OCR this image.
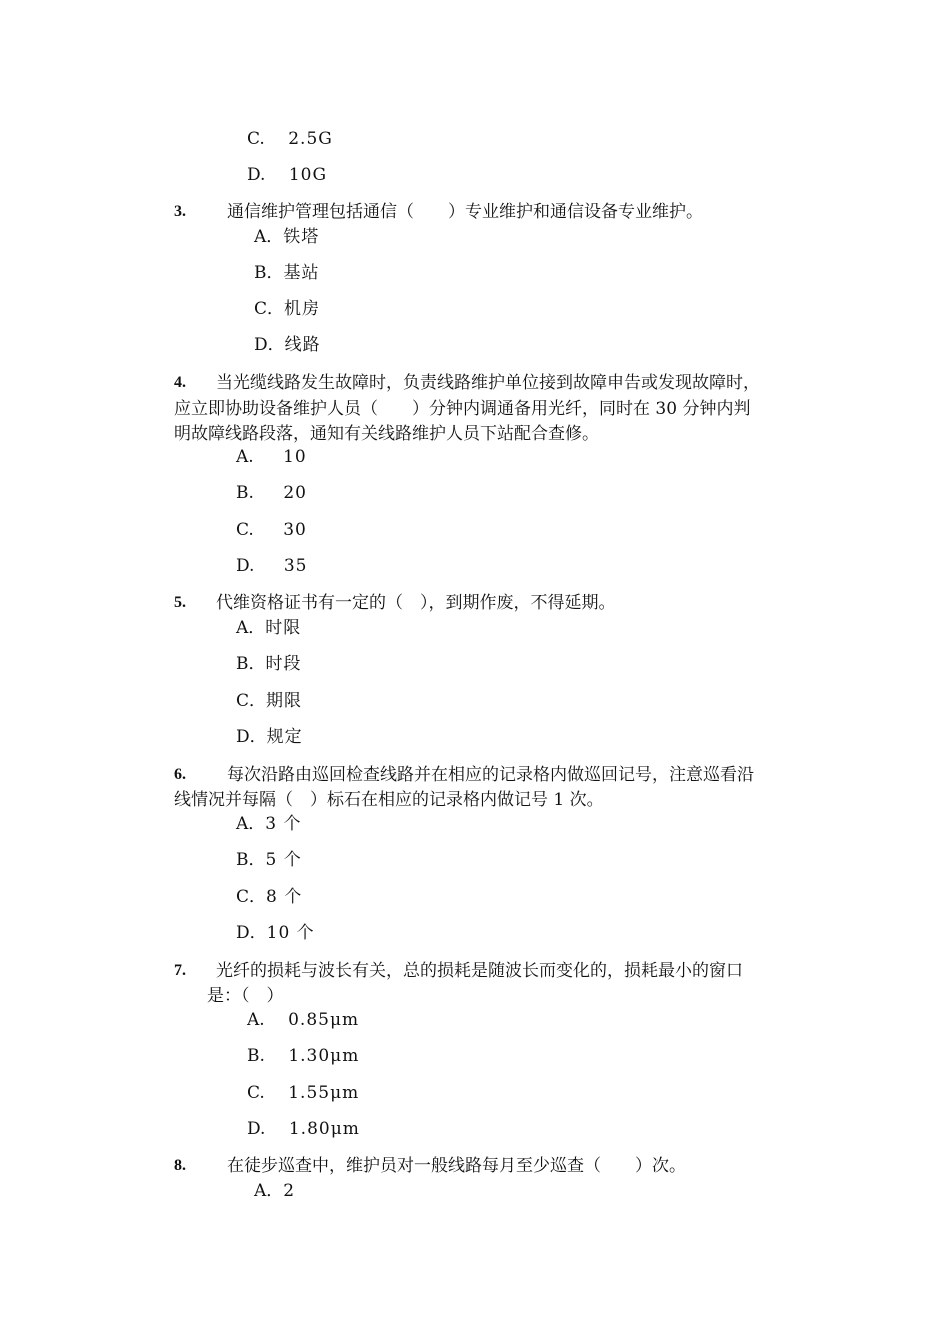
C. 2.5G
D. 10G
3. 通信维护管理包括通信（　　）专业维护和通信设备专业维护。
A．铁塔
B．基站
C．机房
D．线路
4. 当光缆线路发生故障时，负责线路维护单位接到故障申告或发现故障时，
应立即协助设备维护人员（　　）分钟内调通备用光纤，同时在 30 分钟内判
明故障线路段落，通知有关线路维护人员下站配合查修。
A. 10
B. 20
C. 30
D. 35
5. 代维资格证书有一定的（　），到期作废，不得延期。
A．时限
B．时段
C．期限
D．规定
6. 每次沿路由巡回检查线路并在相应的记录格内做巡回记号，注意巡看沿
线情况并每隔（　）标石在相应的记录格内做记号 1 次。
A．3 个
B．5 个
C．8 个
D．10 个
7. 光纤的损耗与波长有关，总的损耗是随波长而变化的，损耗最小的窗口
是：（　）
A. 0.85μm
B. 1.30μm
C. 1.55μm
D. 1.80μm
8. 在徒步巡查中，维护员对一般线路每月至少巡查（　　）次。
A．2
